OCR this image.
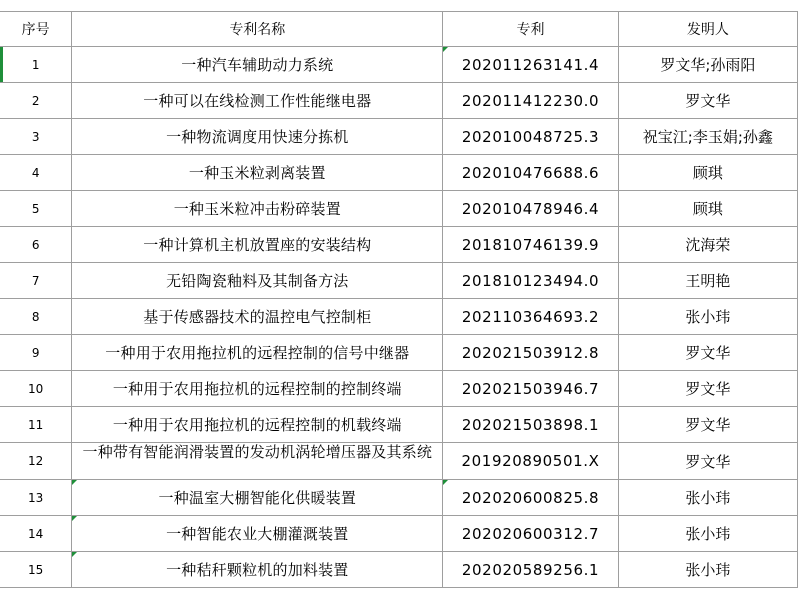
序号	专利名称	专利	发明人
1	一种汽车辅助动力系统	202011263141.4	罗文华;孙雨阳
2	一种可以在线检测工作性能继电器	202011412230.0	罗文华
3	一种物流调度用快速分拣机	202010048725.3	祝宝江;李玉娟;孙鑫
4	一种玉米粒剥离装置	202010476688.6	顾琪
5	一种玉米粒冲击粉碎装置	202010478946.4	顾琪
6	一种计算机主机放置座的安装结构	201810746139.9	沈海荣
7	无铅陶瓷釉料及其制备方法	201810123494.0	王明艳
8	基于传感器技术的温控电气控制柜	202110364693.2	张小玮
9	一种用于农用拖拉机的远程控制的信号中继器	202021503912.8	罗文华
10	一种用于农用拖拉机的远程控制的控制终端	202021503946.7	罗文华
11	一种用于农用拖拉机的远程控制的机载终端	202021503898.1	罗文华
12	一种带有智能润滑装置的发动机涡轮增压器及其系统	201920890501.X	罗文华
13	一种温室大棚智能化供暖装置	202020600825.8	张小玮
14	一种智能农业大棚灌溉装置	202020600312.7	张小玮
15	一种秸秆颗粒机的加料装置	202020589256.1	张小玮
